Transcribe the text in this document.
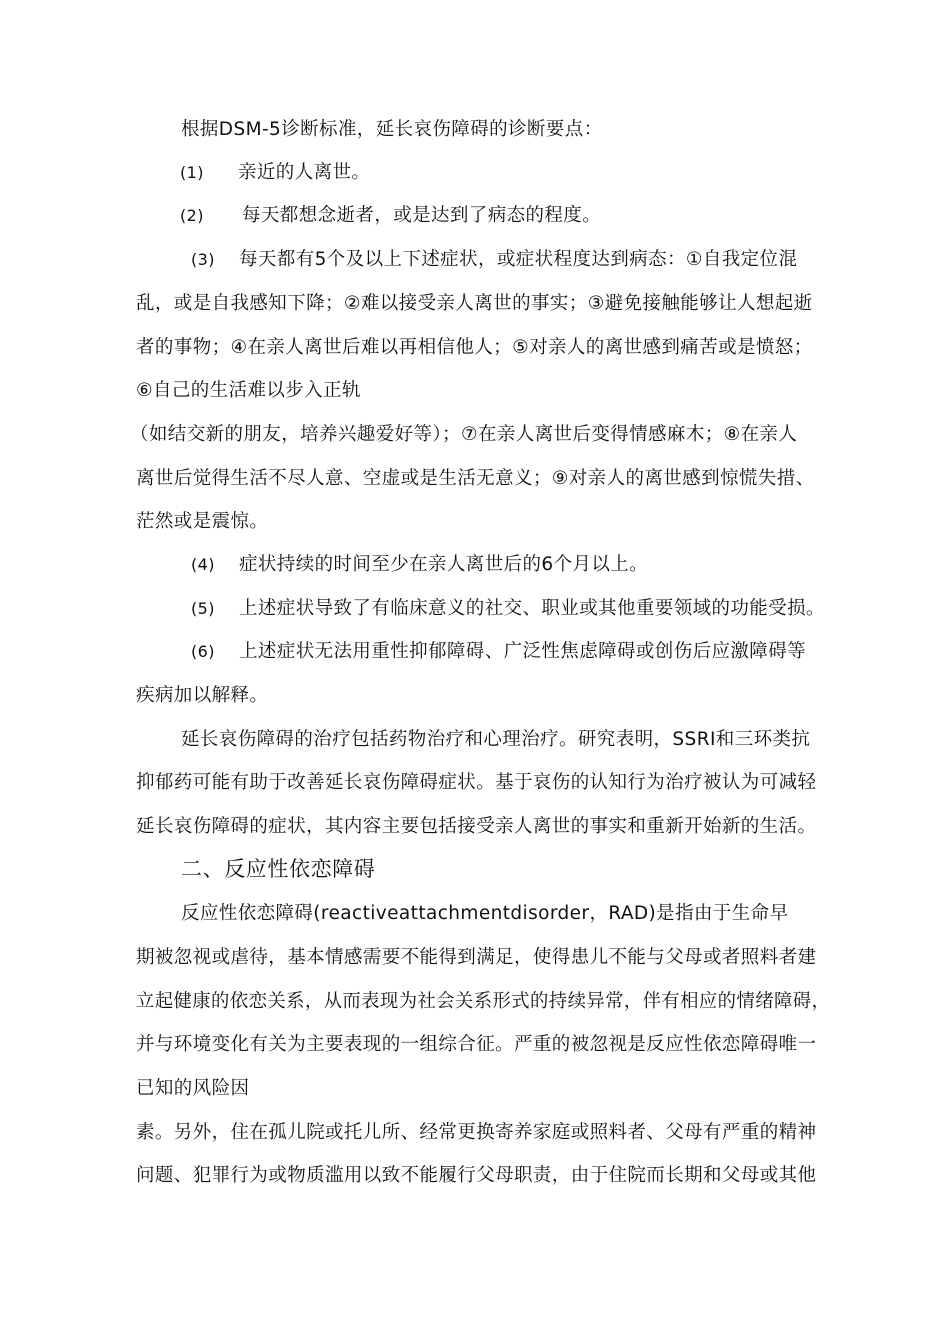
根据DSM-5诊断标准，延长哀伤障碍的诊断要点：
(1) 亲近的人离世。
(2) 每天都想念逝者，或是达到了病态的程度。
(3) 每天都有5个及以上下述症状，或症状程度达到病态：①自我定位混
乱，或是自我感知下降；②难以接受亲人离世的事实；③避免接触能够让人想起逝
者的事物；④在亲人离世后难以再相信他人；⑤对亲人的离世感到痛苦或是愤怒；
⑥自己的生活难以步入正轨
（如结交新的朋友，培养兴趣爱好等）；⑦在亲人离世后变得情感麻木；⑧在亲人
离世后觉得生活不尽人意、空虚或是生活无意义；⑨对亲人的离世感到惊慌失措、
茫然或是震惊。
(4) 症状持续的时间至少在亲人离世后的6个月以上。
(5) 上述症状导致了有临床意义的社交、职业或其他重要领域的功能受损。
(6) 上述症状无法用重性抑郁障碍、广泛性焦虑障碍或创伤后应激障碍等
疾病加以解释。
延长哀伤障碍的治疗包括药物治疗和心理治疗。研究表明，SSRI和三环类抗
抑郁药可能有助于改善延长哀伤障碍症状。基于哀伤的认知行为治疗被认为可减轻
延长哀伤障碍的症状，其内容主要包括接受亲人离世的事实和重新开始新的生活。
二、反应性依恋障碍
反应性依恋障碍(reactiveattachmentdisorder，RAD)是指由于生命早
期被忽视或虐待，基本情感需要不能得到满足，使得患儿不能与父母或者照料者建
立起健康的依恋关系，从而表现为社会关系形式的持续异常，伴有相应的情绪障碍，
并与环境变化有关为主要表现的一组综合征。严重的被忽视是反应性依恋障碍唯一
已知的风险因
素。另外，住在孤儿院或托儿所、经常更换寄养家庭或照料者、父母有严重的精神
问题、犯罪行为或物质滥用以致不能履行父母职责，由于住院而长期和父母或其他
